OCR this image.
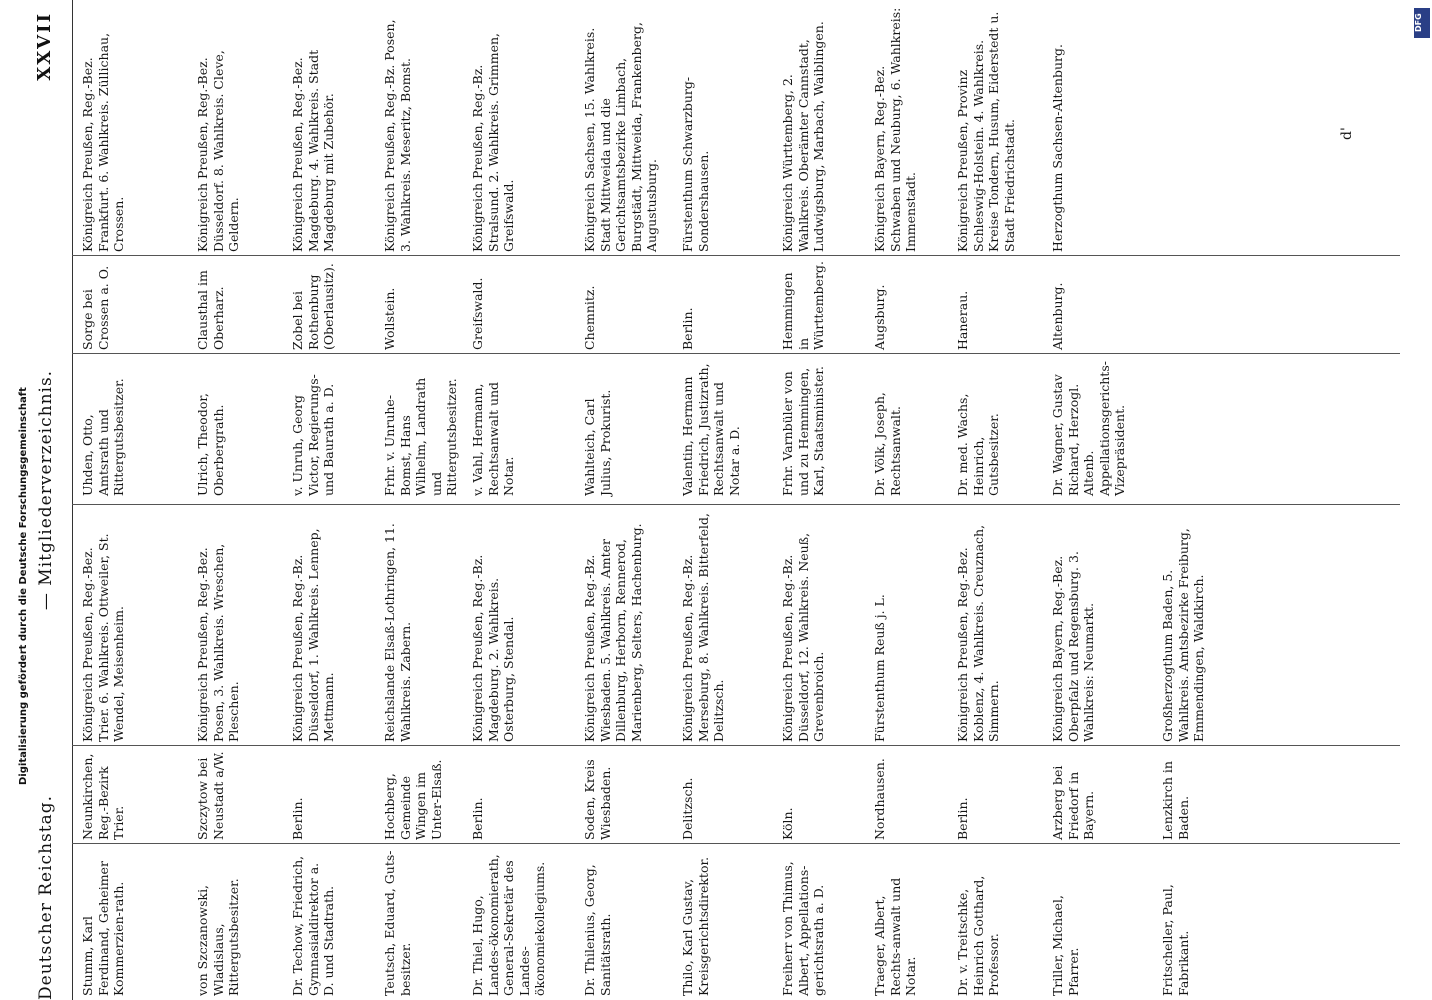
Deutscher Reichstag.
— Mitgliederverzeichnis.
XXVII
Stumm, Karl Ferdinand, Geheimer Kommerzien-rath.
Neunkirchen, Reg.-Bezirk Trier.
Königreich Preußen, Reg.-Bez. Trier. 6. Wahlkreis. Ottweiler, St. Wendel, Meisenheim.
von Szczanowski, Wladislaus, Rittergutsbesitzer.
Szczytow bei Neustadt a/W.
Königreich Preußen, Reg.-Bez. Posen, 3. Wahlkreis. Wreschen, Pleschen.
Dr. Techow, Friedrich, Gymnasialdirektor a. D. und Stadtrath.
Berlin.
Königreich Preußen, Reg.-Bz. Düsseldorf, 1. Wahlkreis. Lennep, Mettmann.
Teutsch, Eduard, Guts-besitzer.
Hochberg, Gemeinde Wingen im Unter-Elsaß.
Reichslande Elsaß-Lothringen, 11. Wahlkreis. Zabern.
Dr. Thiel, Hugo, Landes-ökonomierath, General-Sekretär des Landes-ökonomiekollegiums.
Berlin.
Königreich Preußen, Reg.-Bz. Magdeburg. 2. Wahlkreis. Osterburg, Stendal.
Dr. Thilenius, Georg, Sanitätsrath.
Soden, Kreis Wiesbaden.
Königreich Preußen, Reg.-Bz. Wiesbaden. 5. Wahlkreis. Amter Dillenburg, Herborn, Rennerod, Marienberg, Selters, Hachenburg.
Thilo, Karl Gustav, Kreisgerichtsdirektor.
Delitzsch.
Königreich Preußen, Reg.-Bz. Merseburg, 8. Wahlkreis. Bitterfeld, Delitzsch.
Freiherr von Thimus, Albert, Appellations-gerichtsrath a. D.
Köln.
Königreich Preußen, Reg.-Bz. Düsseldorf, 12. Wahlkreis. Neuß, Grevenbroich.
Traeger, Albert, Rechts-anwalt und Notar.
Nordhausen.
Fürstenthum Reuß j. L.
Dr. v. Treitschke, Heinrich Gotthard, Professor.
Berlin.
Königreich Preußen, Reg.-Bez. Koblenz, 4. Wahlkreis. Creuznach, Simmern.
Triller, Michael, Pfarrer.
Arzberg bei Friedorf in Bayern.
Königreich Bayern, Reg.-Bez. Oberpfalz und Regensburg. 3. Wahlkreis: Neumarkt.
Fritscheller, Paul, Fabrikant.
Lenzkirch in Baden.
Großherzogthum Baden, 5. Wahlkreis. Amtsbezirke Freiburg, Emmendingen, Waldkirch.
Uhden, Otto, Amtsrath und Rittergutsbesitzer.
Sorge bei Crossen a. O.
Königreich Preußen, Reg.-Bez. Frankfurt. 6. Wahlkreis. Züllichau, Crossen.
Ulrich, Theodor, Oberbergrath.
Clausthal im Oberharz.
Königreich Preußen, Reg.-Bez. Düsseldorf. 8. Wahlkreis. Cleve, Geldern.
v. Unruh, Georg Victor, Regierungs- und Baurath a. D.
Zobel bei Rothenburg (Oberlausitz).
Königreich Preußen, Reg.-Bez. Magdeburg. 4. Wahlkreis. Stadt Magdeburg mit Zubehör.
Frhr. v. Unruhe-Bomst, Hans Wilhelm, Landrath und Rittergutsbesitzer.
Wollstein.
Königreich Preußen, Reg.-Bz. Posen, 3. Wahlkreis. Meseritz, Bomst.
v. Vahl, Hermann, Rechtsanwalt und Notar.
Greifswald.
Königreich Preußen, Reg.-Bz. Stralsund. 2. Wahlkreis. Grimmen, Greifswald.
Wahlteich, Carl Julius, Prokurist.
Chemnitz.
Königreich Sachsen, 15. Wahlkreis. Stadt Mittweida und die Gerichtsamtsbezirke Limbach, Burgstädt, Mittweida, Frankenberg, Augustusburg.
Valentin, Hermann Friedrich, Justizrath, Rechtsanwalt und Notar a. D.
Berlin.
Fürstenthum Schwarzburg-Sondershausen.
Frhr. Varnbüler von und zu Hemmingen, Karl, Staatsminister.
Hemmingen in Württemberg.
Königreich Württemberg, 2. Wahlkreis. Oberämter Cannstadt, Ludwigsburg, Marbach, Waiblingen.
Dr. Völk, Joseph, Rechtsanwalt.
Augsburg.
Königreich Bayern, Reg.-Bez. Schwaben und Neuburg, 6. Wahlkreis: Immenstadt.
Dr. med. Wachs, Heinrich, Gutsbesitzer.
Hanerau.
Königreich Preußen, Provinz Schleswig-Holstein. 4. Wahlkreis. Kreise Tondern, Husum, Eiderstedt u. Stadt Friedrichstadt.
Dr. Wagner, Gustav Richard, Herzogl. Altenb. Appellationsgerichts-Vizepräsident.
Altenburg.
Herzogthum Sachsen-Altenburg.	d'
Digitalisierung gefördert durch die Deutsche Forschungsgemeinschaft
DFG
